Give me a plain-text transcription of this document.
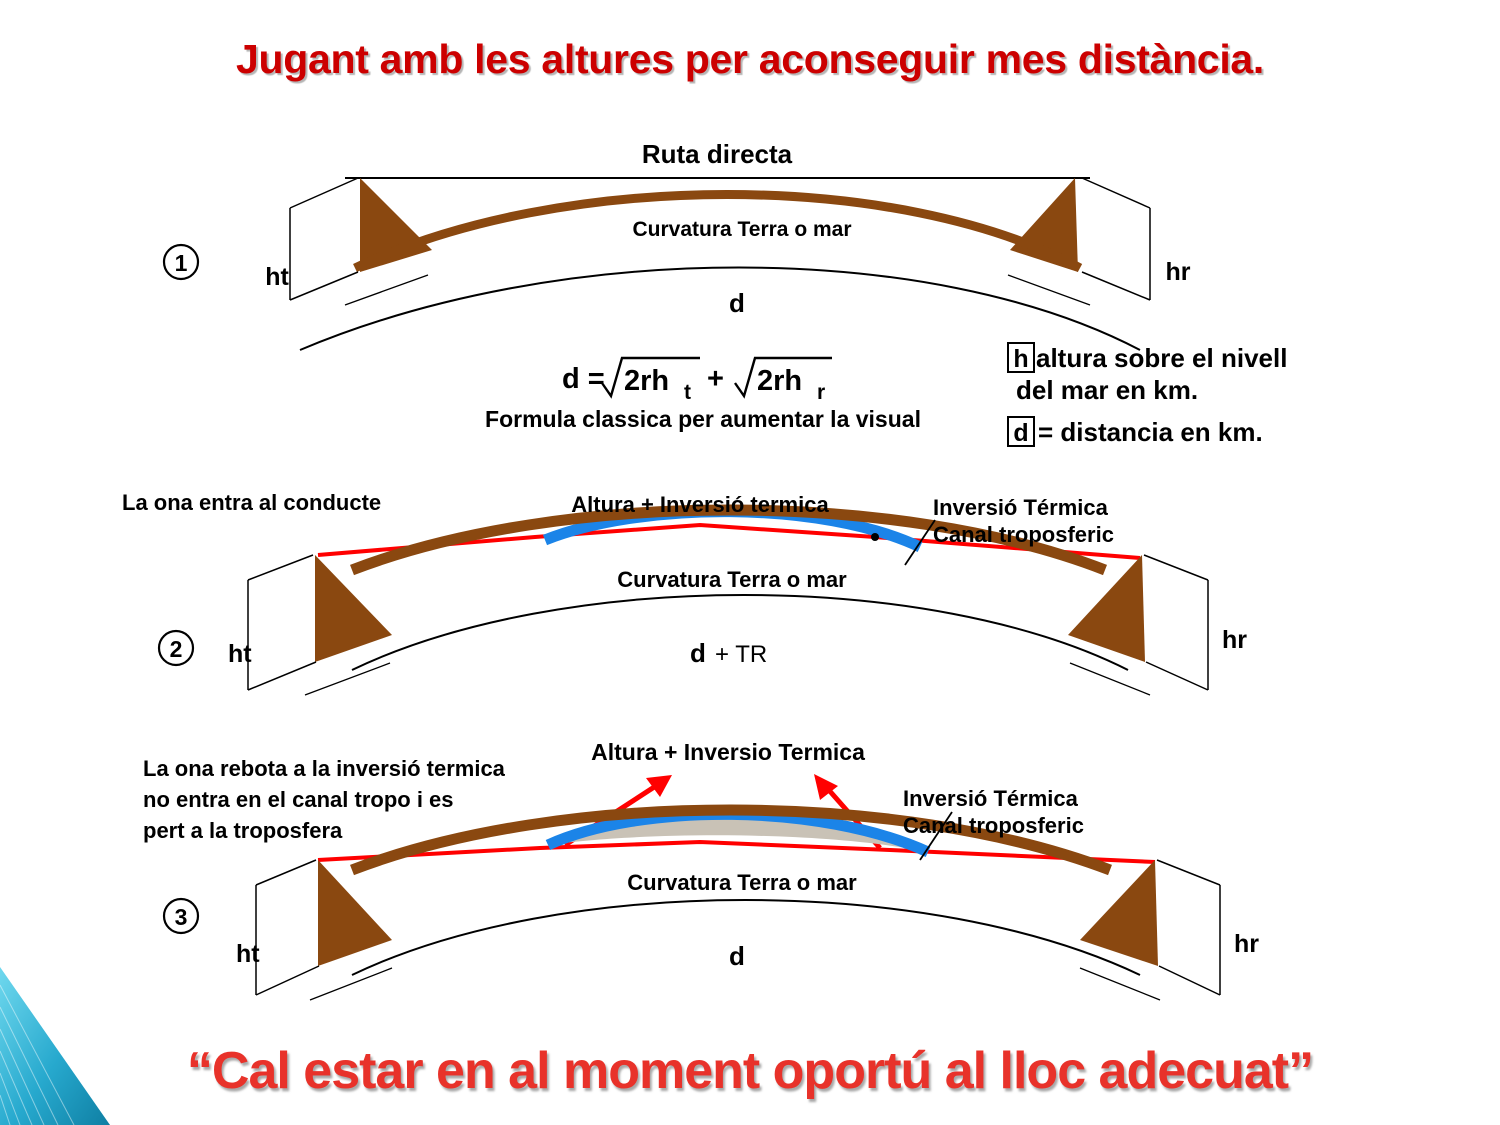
Jugant amb les altures per aconseguir mes distància.
Ruta directa
Curvatura Terra o mar
d
ht	hr
1
d = 2rh t + 2rh r
Formula classica per aumentar la visual
h altura sobre el nivell
del mar en km.
d = distancia en km.
Altura + Inversió termica	Inversió Térmica
Canal troposferic
Curvatura Terra o mar
d + TR
ht	hr
La ona entra al conducte
2
Altura + Inversio Termica
Inversió Térmica
Canal troposferic
Curvatura Terra o mar
d
ht	hr
La ona rebota a la inversió termica
no entra en el canal tropo i es
pert a la troposfera
3
“Cal estar en al moment oportú al lloc adecuat”
